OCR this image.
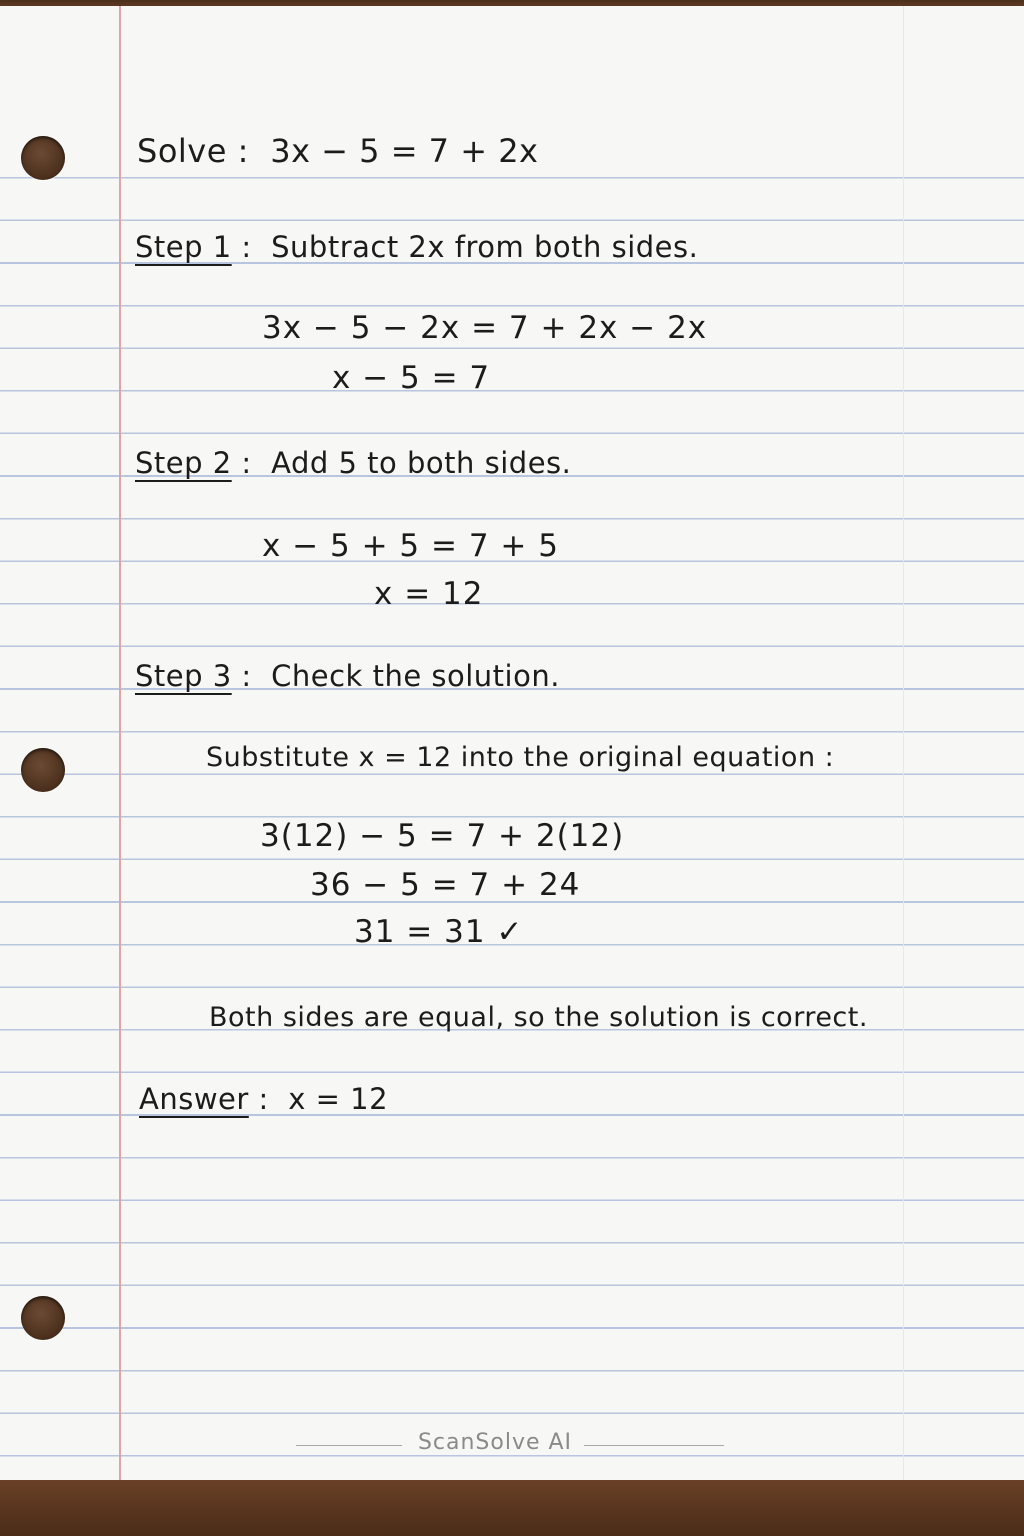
Solve :  3x − 5 = 7 + 2x
Step 1 :  Subtract 2x from both sides.
3x − 5 − 2x = 7 + 2x − 2x
x − 5 = 7
Step 2 :  Add 5 to both sides.
x − 5 + 5 = 7 + 5
x = 12
Step 3 :  Check the solution.
Substitute x = 12 into the original equation :
3(12) − 5 = 7 + 2(12)
36 − 5 = 7 + 24
31 = 31 ✓
Both sides are equal, so the solution is correct.
Answer :  x = 12
ScanSolve AI
